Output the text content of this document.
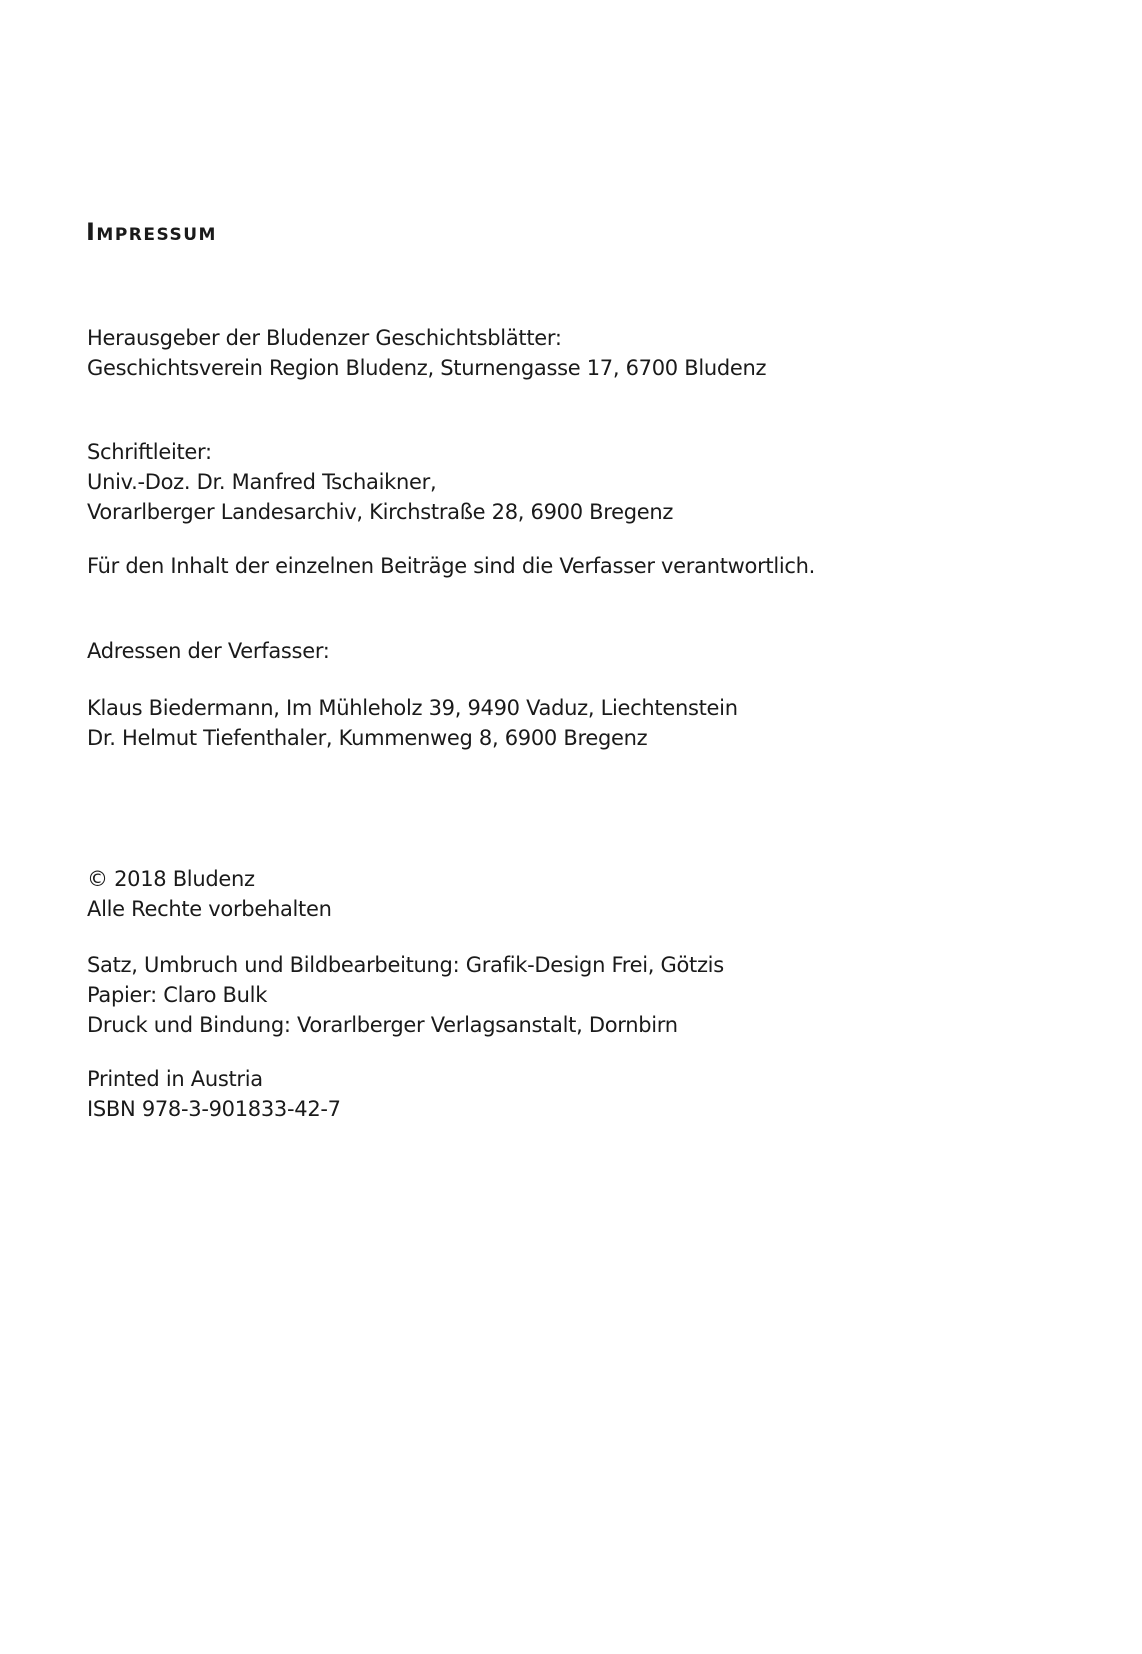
Impressum
Herausgeber der Bludenzer Geschichtsblätter:
Geschichtsverein Region Bludenz, Sturnengasse 17, 6700 Bludenz
Schriftleiter:
Univ.-Doz. Dr. Manfred Tschaikner,
Vorarlberger Landesarchiv, Kirchstraße 28, 6900 Bregenz
Für den Inhalt der einzelnen Beiträge sind die Verfasser verantwortlich.
Adressen der Verfasser:
Klaus Biedermann, Im Mühleholz 39, 9490 Vaduz, Liechtenstein
Dr. Helmut Tiefenthaler, Kummenweg 8, 6900 Bregenz
© 2018 Bludenz
Alle Rechte vorbehalten
Satz, Umbruch und Bildbearbeitung: Grafik-Design Frei, Götzis
Papier: Claro Bulk
Druck und Bindung: Vorarlberger Verlagsanstalt, Dornbirn
Printed in Austria
ISBN 978-3-901833-42-7
